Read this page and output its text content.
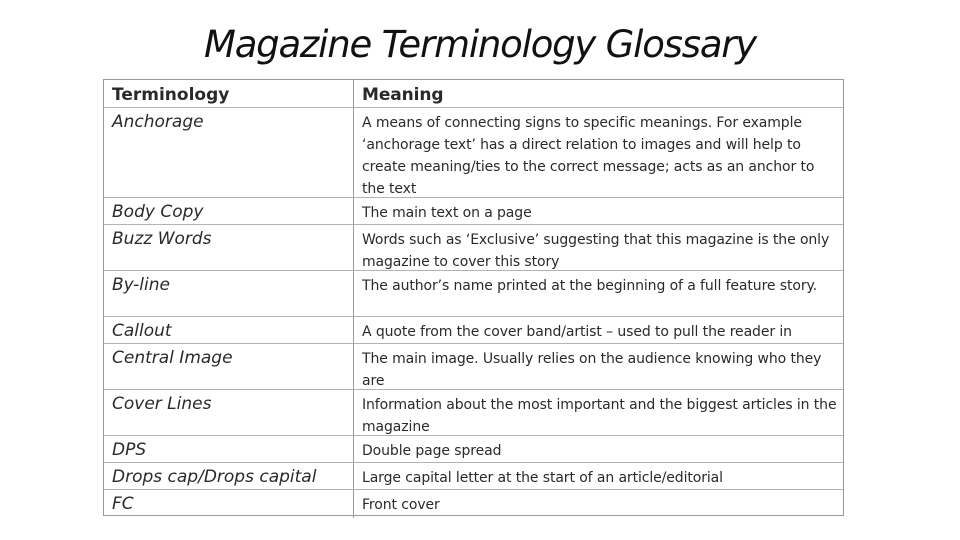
Magazine Terminology Glossary
Terminology	Meaning
Anchorage	A means of connecting signs to specific meanings. For example ‘anchorage text’ has a direct relation to images and will help to create meaning/ties to the correct message; acts as an anchor to the text
Body Copy	The main text on a page
Buzz Words	Words such as ‘Exclusive’ suggesting that this magazine is the only magazine to cover this story
By-line	The author’s name printed at the beginning of a full feature story.
Callout	A quote from the cover band/artist – used to pull the reader in
Central Image	The main image. Usually relies on the audience knowing who they are
Cover Lines	Information about the most important and the biggest articles in the magazine
DPS	Double page spread
Drops cap/Drops capital	Large capital letter at the start of an article/editorial
FC	Front cover
